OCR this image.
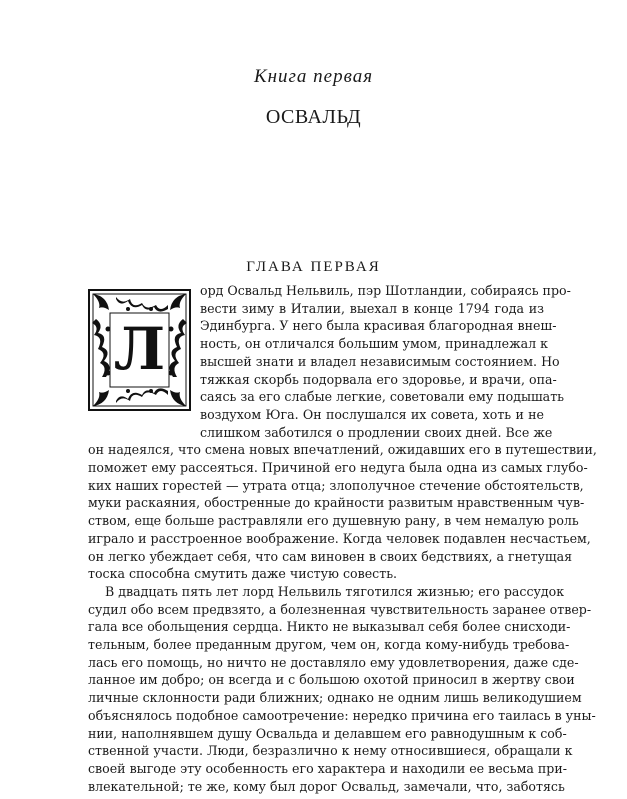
Книга первая
ОСВАЛЬД
ГЛАВА ПЕРВАЯ
Л

орд Освальд Нельвиль, пэр Шотландии, собираясь про-
вести зиму в Италии, выехал в конце 1794 года из
Эдинбурга. У него была красивая благородная внеш-
ность, он отличался большим умом, принадлежал к
высшей знати и владел независимым состоянием. Но
тяжкая скорбь подорвала его здоровье, и врачи, опа-
саясь за его слабые легкие, советовали ему подышать
воздухом Юга. Он послушался их совета, хоть и не
слишком заботился о продлении своих дней. Все же
он надеялся, что смена новых впечатлений, ожидавших его в путешествии,
поможет ему рассеяться. Причиной его недуга была одна из самых глубо-
ких наших горестей — утрата отца; злополучное стечение обстоятельств,
муки раскаяния, обостренные до крайности развитым нравственным чув-
ством, еще больше растравляли его душевную рану, в чем немалую роль
играло и расстроенное воображение. Когда человек подавлен несчастьем,
он легко убеждает себя, что сам виновен в своих бедствиях, а гнетущая
тоска способна смутить даже чистую совесть.

В двадцать пять лет лорд Нельвиль тяготился жизнью; его рассудок
судил обо всем предвзято, а болезненная чувствительность заранее отвер-
гала все обольщения сердца. Никто не выказывал себя более снисходи-
тельным, более преданным другом, чем он, когда кому-нибудь требова-
лась его помощь, но ничто не доставляло ему удовлетворения, даже сде-
ланное им добро; он всегда и с большою охотой приносил в жертву свои
личные склонности ради ближних; однако не одним лишь великодушием
объяснялось подобное самоотречение: нередко причина его таилась в уны-
нии, наполнявшем душу Освальда и делавшем его равнодушным к соб-
ственной участи. Люди, безразлично к нему относившиеся, обращали к
своей выгоде эту особенность его характера и находили ее весьма при-
влекательной; те же, кому был дорог Освальд, замечали, что, заботясь
